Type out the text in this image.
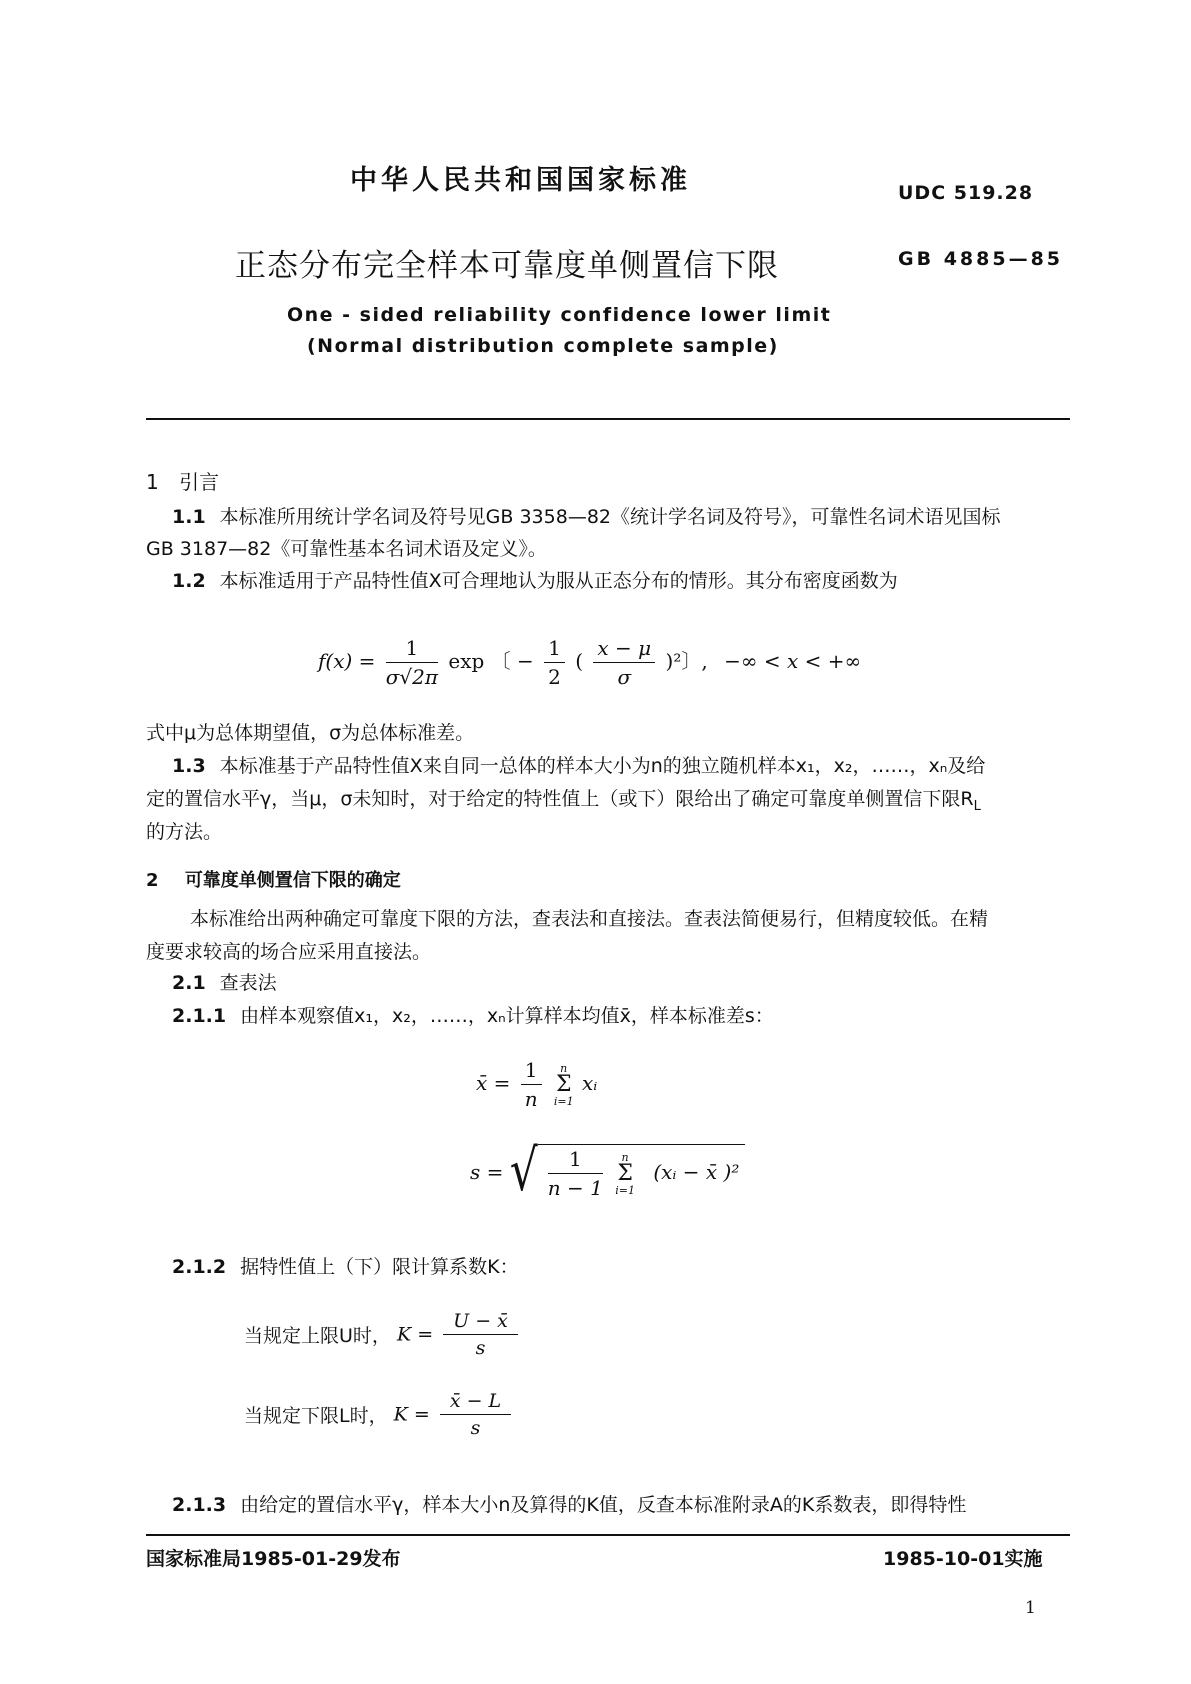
中华人民共和国国家标准	UDC 519.28
正态分布完全样本可靠度单侧置信下限	GB 4885—85
One - sided reliability confidence lower limit
(Normal distribution complete sample)
1 引言
1.1 本标准所用统计学名词及符号见GB 3358—82《统计学名词及符号》，可靠性名词术语见国标
GB 3187—82《可靠性基本名词术语及定义》。
1.2 本标准适用于产品特性值X可合理地认为服从正态分布的情形。其分布密度函数为
$f(x) = \frac{1}{\sigma√2\pi}$ exp 〔 − $\frac{1}{2}$ ( $\frac{x - \mu}{\sigma} )^2$〕, −∞ < x < +∞
式中μ为总体期望值，σ为总体标准差。
1.3 本标准基于产品特性值X来自同一总体的样本大小为n的独立随机样本x₁，x₂，……，xₙ及给
定的置信水平γ，当μ，σ未知时，对于给定的特性值上（或下）限给出了确定可靠度单侧置信下限$R_L$
的方法。
2 可靠度单侧置信下限的确定
本标准给出两种确定可靠度下限的方法，查表法和直接法。查表法简便易行，但精度较低。在精
度要求较高的场合应采用直接法。
2.1 查表法
2.1.1 由样本观察值x₁，x₂，……，xₙ计算样本均值x̄，样本标准差s：
x̄ = $\frac{1}{n}$
	n
Σ
i=1
xᵢ
s = √ $\frac{1}{n - 1}$
	n
Σ
i=1
(xᵢ − x̄ )²
2.1.2 据特性值上（下）限计算系数K：
当规定上限U时， $K = \frac{U - x̄}{s}$
当规定下限L时， $K = \frac{x̄ - L}{s}$
2.1.3 由给定的置信水平γ，样本大小n及算得的K值，反查本标准附录A的K系数表，即得特性
国家标准局1985-01-29发布	1985-10-01实施
1
